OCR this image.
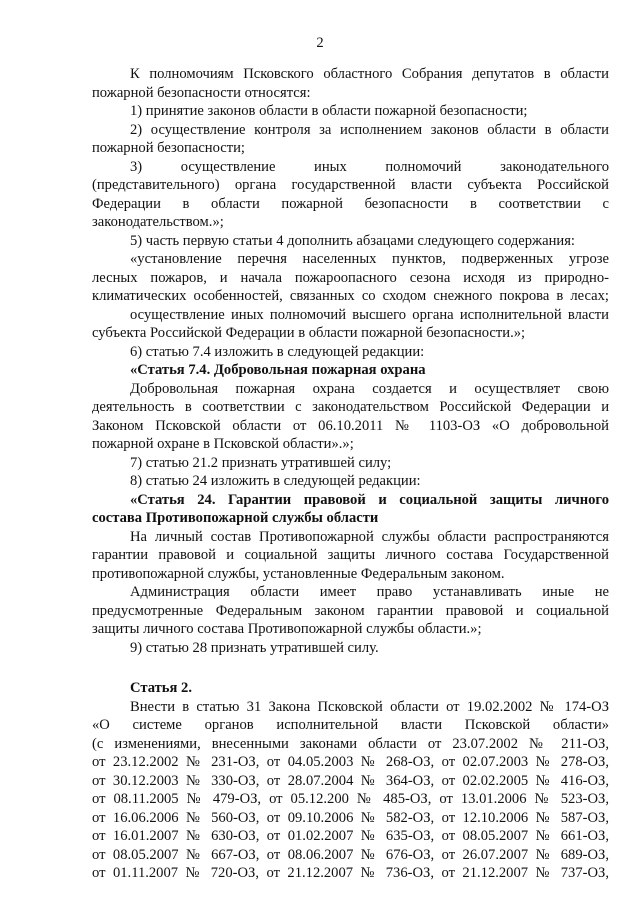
2
К полномочиям Псковского областного Собрания депутатов в области
пожарной безопасности относятся:
1) принятие законов области в области пожарной безопасности;
2) осуществление контроля за исполнением законов области в области
пожарной безопасности;
3) осуществление иных полномочий законодательного
(представительного) органа государственной власти субъекта Российской
Федерации в области пожарной безопасности в соответствии с
законодательством.»;
5) часть первую статьи 4 дополнить абзацами следующего содержания:
«установление перечня населенных пунктов, подверженных угрозе
лесных пожаров, и начала пожароопасного сезона исходя из природно-
климатических особенностей, связанных со сходом снежного покрова в лесах;
осуществление иных полномочий высшего органа исполнительной власти
субъекта Российской Федерации в области пожарной безопасности.»;
6) статью 7.4 изложить в следующей редакции:
«Статья 7.4. Добровольная пожарная охрана
Добровольная пожарная охрана создается и осуществляет свою
деятельность в соответствии с законодательством Российской Федерации и
Законом Псковской области от 06.10.2011 № 1103-ОЗ «О добровольной
пожарной охране в Псковской области».»;
7) статью 21.2 признать утратившей силу;
8) статью 24 изложить в следующей редакции:
«Статья 24. Гарантии правовой и социальной защиты личного
состава Противопожарной службы области
На личный состав Противопожарной службы области распространяются
гарантии правовой и социальной защиты личного состава Государственной
противопожарной службы, установленные Федеральным законом.
Администрация области имеет право устанавливать иные не
предусмотренные Федеральным законом гарантии правовой и социальной
защиты личного состава Противопожарной службы области.»;
9) статью 28 признать утратившей силу.
Статья 2.
Внести в статью 31 Закона Псковской области от 19.02.2002 № 174-ОЗ
«О системе органов исполнительной власти Псковской области»
(с изменениями, внесенными законами области от 23.07.2002 № 211-ОЗ,
от 23.12.2002 № 231-ОЗ, от 04.05.2003 № 268-ОЗ, от 02.07.2003 № 278-ОЗ,
от 30.12.2003 № 330-ОЗ, от 28.07.2004 № 364-ОЗ, от 02.02.2005 № 416-ОЗ,
от 08.11.2005 № 479-ОЗ, от 05.12.200 № 485-ОЗ, от 13.01.2006 № 523-ОЗ,
от 16.06.2006 № 560-ОЗ, от 09.10.2006 № 582-ОЗ, от 12.10.2006 № 587-ОЗ,
от 16.01.2007 № 630-ОЗ, от 01.02.2007 № 635-ОЗ, от 08.05.2007 № 661-ОЗ,
от 08.05.2007 № 667-ОЗ, от 08.06.2007 № 676-ОЗ, от 26.07.2007 № 689-ОЗ,
от 01.11.2007 № 720-ОЗ, от 21.12.2007 № 736-ОЗ, от 21.12.2007 № 737-ОЗ,
